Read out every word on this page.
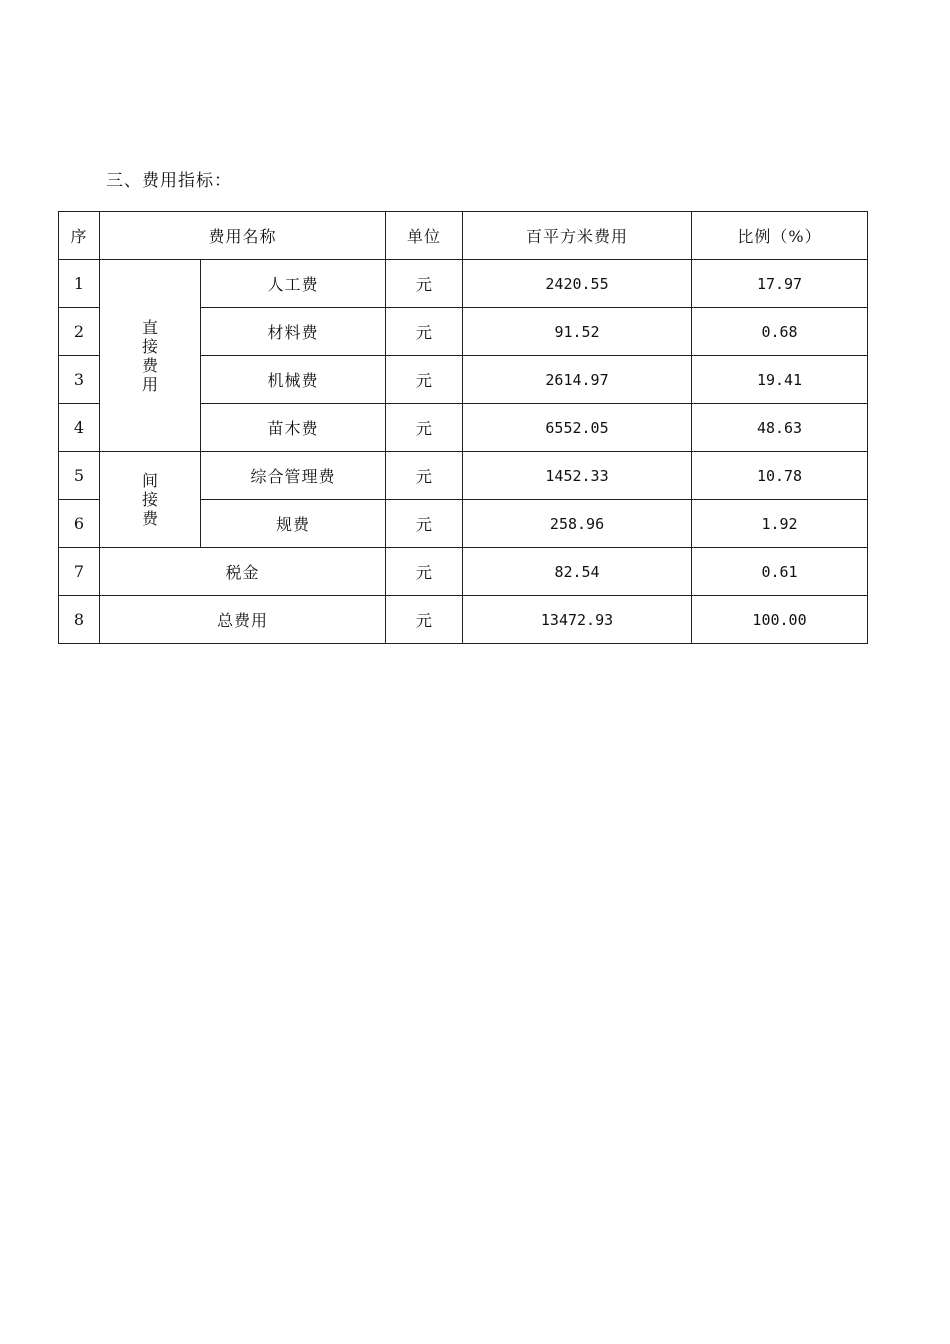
三、费用指标：
序	费用名称		单位	百平方米费用	比例（%）
1	直接费用	人工费	元	2420.55	17.97
2		材料费	元	91.52	0.68
3		机械费	元	2614.97	19.41
4		苗木费	元	6552.05	48.63
5	间接费	综合管理费	元	1452.33	10.78
6		规费	元	258.96	1.92
7	税金		元	82.54	0.61
8	总费用		元	13472.93	100.00
